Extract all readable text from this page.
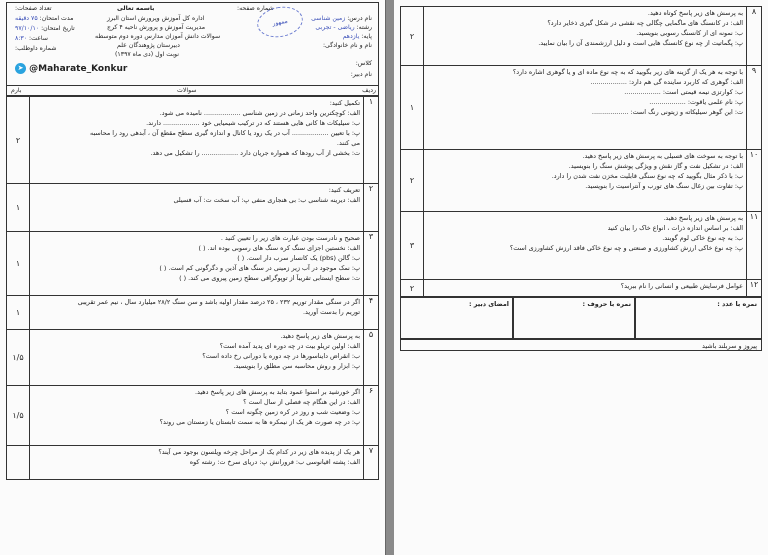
باسمه تعالی	شماره صفحه:
اداره کل آموزش وپرورش استان البرز
مدیریت آموزش و پرورش ناحیه ۴ کرج
سوالات دانش آموزان مدارس دوره دوم متوسطه
دبیرستان پژوهندگان علم
نوبت اول (دی ماه ۱۳۹۷)
نام درس: زمین شناسی
رشته: ریاضی - تجربی
پایه: یازدهم
نام و نام خانوادگی:
کلاس:
نام دبیر:
ممهور
تعداد صفحات:
مدت امتحان: ۷۵ دقیقه
تاریخ امتحان: ۹۷/۱۰/۱۰
ساعت: ۸:۳۰
شماره داوطلب:
➤ @Maharate_Konkur
ردیف
سوالات
بارم
۱
۲
تکمیل کنید:
الف: کوچکترین واحد زمانی در زمین شناسی .................. نامیده می شود.
ب: سیلیکات ها کانی هایی هستند که در ترکیب شیمیایی خود .................. دارند.
پ: با تعیین .................. آب در یک رود یا کانال و اندازه گیری سطح مقطع آن ، آبدهی رود را محاسبه
می کنند.
ت: بخشی از آب رودها که همواره جریان دارد .................. را تشکیل می دهد.
۲
۱
تعریف کنید:
الف: دیرینه شناسی ب: بی هنجاری منفی پ: آب سخت ت: آب فسیلی
۳
۱
صحیح و نادرست بودن عبارت های زیر را تعیین کنید .
الف: نخستین اجزای سنگ کره سنگ های رسوبی بوده اند. ( )
ب: گالن (pbs) یک کانسار سرب دار است. ( )
پ: نمک موجود در آب زیر زمینی در سنگ های آذین و دگرگونی کم است. ( )
ت: سطح ایستابی تقریباً از توپوگرافی سطح زمین پیروی می کند. ( )
۴
۱
اگر در سنگی مقدار توریم ۲۳۲ ، ۲۵ درصد مقدار اولیه باشد و سن سنگ ۲۸/۲ میلیارد سال ، نیم عمر تقریبی
توریم را بدست آورید.
۵
۱/۵
به پرسش های زیر پاسخ دهید.
الف: اولین تریلو بیت در چه دوره ای پدید آمده است؟
ب: انقراض دایناسورها در چه دوره یا دورانی رخ داده است؟
پ: ابزار و روش محاسبه سن مطلق را بنویسید.
۶
۱/۵
اگر خورشید بر استوا عمود بتابد به پرسش های زیر پاسخ دهید.
الف: در این هنگام چه فصلی از سال است ؟
ب: وضعیت شب و روز در کره زمین چگونه است ؟
پ: در چه صورت هر یک از نیمکره ها به سمت تابستان یا زمستان می روند؟
۷
هر یک از پدیده های زیر در کدام یک از مراحل چرخه ویلسون بوجود می آیند؟
الف: پشته اقیانوسی ب: فرورانش پ: دریای سرخ ت: رشته کوه
۸
۲
به پرسش های زیر پاسخ کوتاه دهید.
الف: در کانسنگ های ماگمایی چگالی چه نقشی در شکل گیری ذخایر دارد؟
ب: نمونه ای از کانسنگ رسوبی بنویسید.
پ: پگماتیت از چه نوع کانسنگ هایی است و دلیل ارزشمندی آن را بیان نمایید.
۹
۱
با توجه به هر یک از گزینه های زیر بگویید که به چه نوع ماده ای و یا گوهری اشاره دارد؟
الف: گوهری که کاربرد ساینده گی هم دارد: ..................
ب: کوارتزی نیمه قیمتی است: ..................
پ: نام علمی یاقوت: ..................
ت: این گوهر سیلیکاته و زیتونی رنگ است: ..................
۱۰
۲
با توجه به سوخت های فسیلی به پرسش های زیر پاسخ دهید.
الف: در تشکیل نفت و گاز نقش و ویژگی پوشش سنگ را بنویسید.
ب: با ذکر مثال بگویید که چه نوع سنگی قابلیت مخزن نفت شدن را دارد.
پ: تفاوت بین زغال سنگ های تورب و آنتراسیت را بنویسید.
۱۱
۳
به پرسش های زیر پاسخ دهید.
الف: بر اساس اندازه ذرات ، انواع خاک را بیان کنید
ب: به چه نوع خاکی لوم گویند.
پ: چه نوع خاکی ارزش کشاورزی و صنعتی و چه نوع خاکی فاقد ارزش کشاورزی است؟
۱۲
۲	عوامل فرسایش طبیعی و انسانی را نام ببرید؟
نمره با عدد :
نمره با حروف :
امضای دبیر :
پیروز و سربلند باشید
